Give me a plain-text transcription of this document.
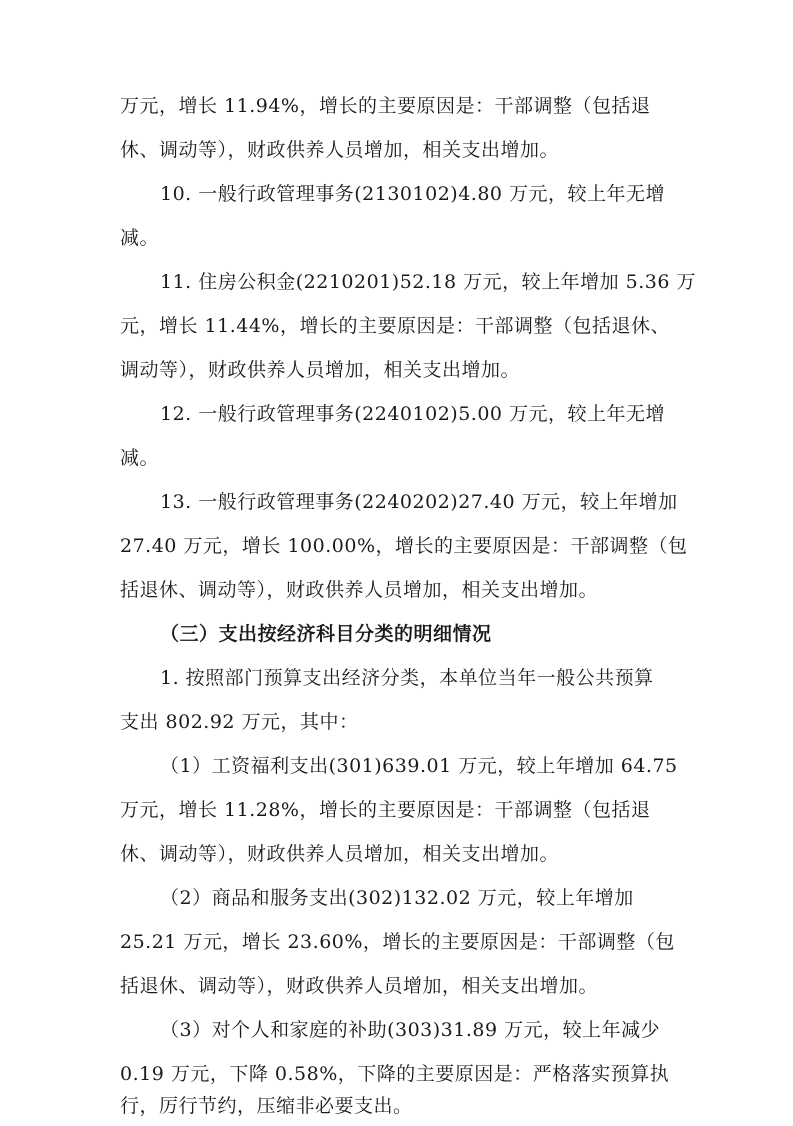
万元，增长 11.94%，增长的主要原因是：干部调整（包括退
休、调动等），财政供养人员增加，相关支出增加。
10. 一般行政管理事务(2130102)4.80 万元，较上年无增
减。
11. 住房公积金(2210201)52.18 万元，较上年增加 5.36 万
元，增长 11.44%，增长的主要原因是：干部调整（包括退休、
调动等），财政供养人员增加，相关支出增加。
12. 一般行政管理事务(2240102)5.00 万元，较上年无增
减。
13. 一般行政管理事务(2240202)27.40 万元，较上年增加
27.40 万元，增长 100.00%，增长的主要原因是：干部调整（包
括退休、调动等），财政供养人员增加，相关支出增加。
（三）支出按经济科目分类的明细情况
1. 按照部门预算支出经济分类，本单位当年一般公共预算
支出 802.92 万元，其中：
（1）工资福利支出(301)639.01 万元，较上年增加 64.75
万元，增长 11.28%，增长的主要原因是：干部调整（包括退
休、调动等），财政供养人员增加，相关支出增加。
（2）商品和服务支出(302)132.02 万元，较上年增加
25.21 万元，增长 23.60%，增长的主要原因是：干部调整（包
括退休、调动等），财政供养人员增加，相关支出增加。
（3）对个人和家庭的补助(303)31.89 万元，较上年减少
0.19 万元，下降 0.58%，下降的主要原因是：严格落实预算执
行，厉行节约，压缩非必要支出。
